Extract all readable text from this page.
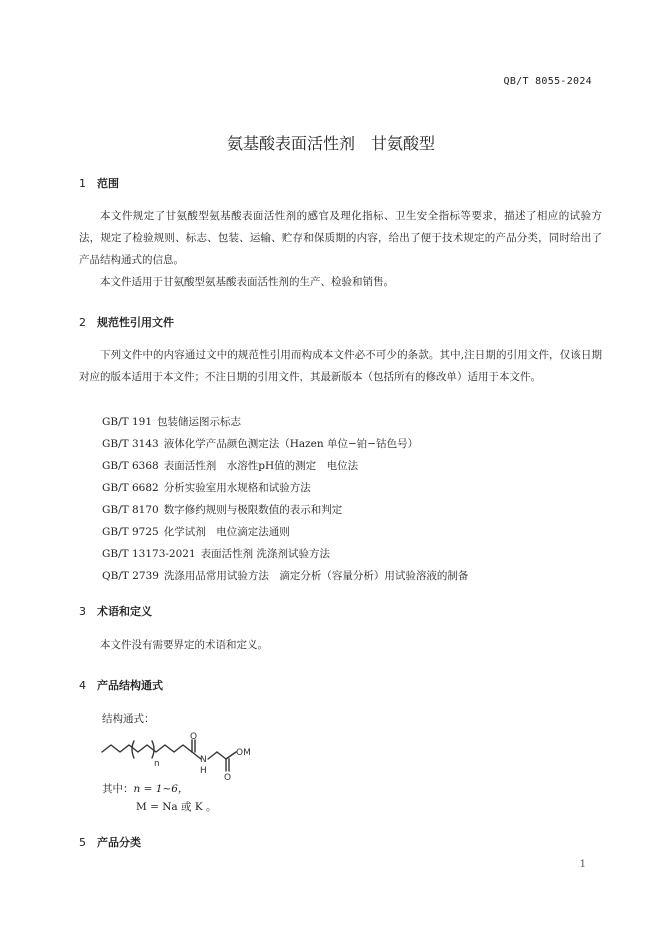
QB/T 8055-2024
氨基酸表面活性剂　甘氨酸型
1 范围
本文件规定了甘氨酸型氨基酸表面活性剂的感官及理化指标、卫生安全指标等要求，描述了相应的试验方法，规定了检验规则、标志、包装、运输、贮存和保质期的内容，给出了便于技术规定的产品分类，同时给出了产品结构通式的信息。
本文件适用于甘氨酸型氨基酸表面活性剂的生产、检验和销售。
2 规范性引用文件
下列文件中的内容通过文中的规范性引用而构成本文件必不可少的条款。其中,注日期的引用文件，仅该日期对应的版本适用于本文件；不注日期的引用文件，其最新版本（包括所有的修改单）适用于本文件。
GB/T 191 包装储运图示标志
GB/T 3143 液体化学产品颜色测定法（Hazen 单位−铂−钴色号）
GB/T 6368 表面活性剂　水溶性pH值的测定　电位法
GB/T 6682 分析实验室用水规格和试验方法
GB/T 8170 数字修约规则与极限数值的表示和判定
GB/T 9725 化学试剂　电位滴定法通则
GB/T 13173-2021 表面活性剂 洗涤剂试验方法
QB/T 2739 洗涤用品常用试验方法　滴定分析（容量分析）用试验溶液的制备
3 术语和定义
本文件没有需要界定的术语和定义。
4 产品结构通式
结构通式：
n
O
N
H
O
OM
其中：n = 1~6，
M = Na 或 K 。
5 产品分类
1
